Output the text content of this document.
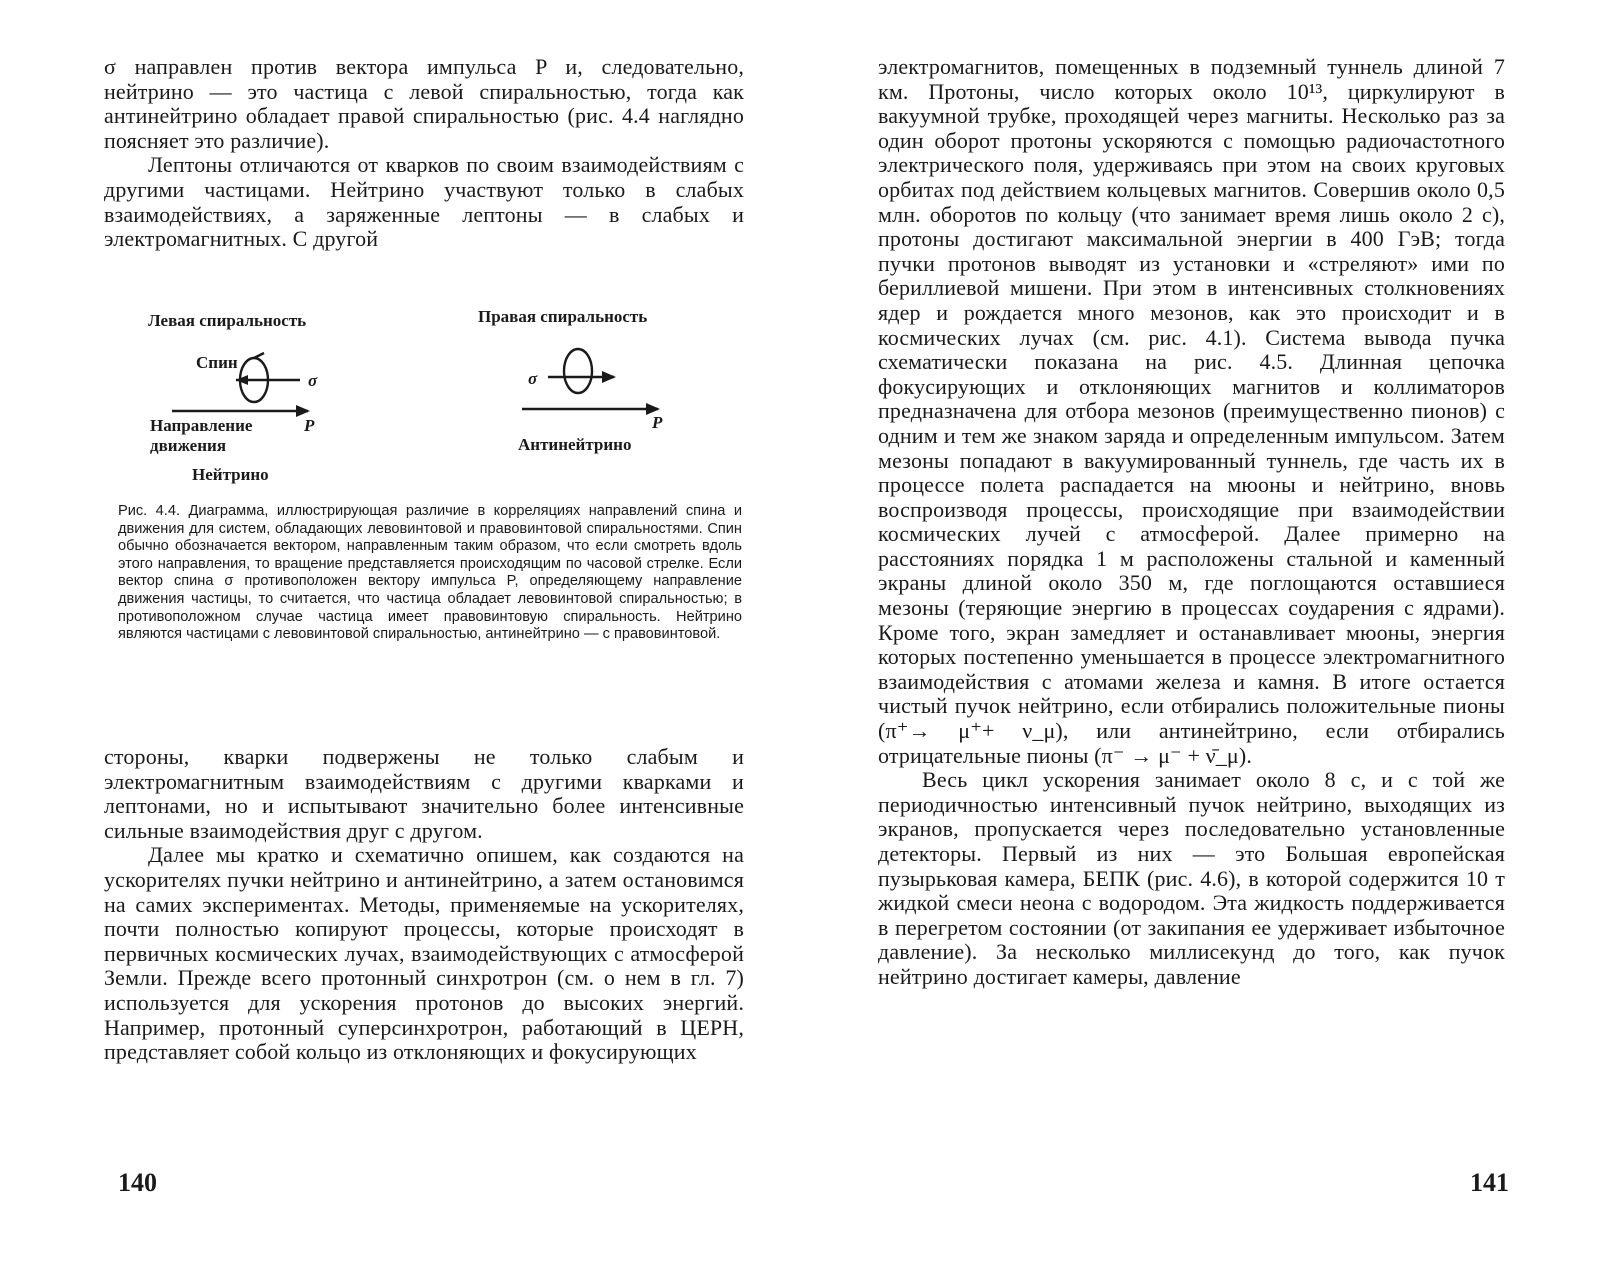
σ направлен против вектора импульса P и, следовательно, нейтрино — это частица с левой спиральностью, тогда как антинейтрино обладает правой спиральностью (рис. 4.4 наглядно поясняет это различие).

Лептоны отличаются от кварков по своим взаимодействиям с другими частицами. Нейтрино участвуют только в слабых взаимодействиях, а заряженные лептоны — в слабых и электромагнитных. С другой

Левая спиральность	Правая спиральность
Спин
σ	σ
Направление
движения
P	P
Нейтрино
Антинейтрино
Рис. 4.4. Диаграмма, иллюстрирующая различие в корреляциях направлений спина и движения для систем, обладающих левовинтовой и правовинтовой спиральностями. Спин обычно обозначается вектором, направленным таким образом, что если смотреть вдоль этого направления, то вращение представляется происходящим по часовой стрелке. Если вектор спина σ противоположен вектору импульса P, определяющему направление движения частицы, то считается, что частица обладает левовинтовой спиральностью; в противоположном случае частица имеет правовинтовую спиральность. Нейтрино являются частицами с левовинтовой спиральностью, антинейтрино — с правовинтовой.

стороны, кварки подвержены не только слабым и электромагнитным взаимодействиям с другими кварками и лептонами, но и испытывают значительно более интенсивные сильные взаимодействия друг с другом.

Далее мы кратко и схематично опишем, как создаются на ускорителях пучки нейтрино и антинейтрино, а затем остановимся на самих экспериментах. Методы, применяемые на ускорителях, почти полностью копируют процессы, которые происходят в первичных космических лучах, взаимодействующих с атмосферой Земли. Прежде всего протонный синхротрон (см. о нем в гл. 7) используется для ускорения протонов до высоких энергий. Например, протонный суперсинхротрон, работающий в ЦЕРН, представляет собой кольцо из отклоняющих и фокусирующих

140

электромагнитов, помещенных в подземный туннель длиной 7 км. Протоны, число которых около 10¹³, циркулируют в вакуумной трубке, проходящей через магниты. Несколько раз за один оборот протоны ускоряются с помощью радиочастотного электрического поля, удерживаясь при этом на своих круговых орбитах под действием кольцевых магнитов. Совершив около 0,5 млн. оборотов по кольцу (что занимает время лишь около 2 с), протоны достигают максимальной энергии в 400 ГэВ; тогда пучки протонов выводят из установки и «стреляют» ими по бериллиевой мишени. При этом в интенсивных столкновениях ядер и рождается много мезонов, как это происходит и в космических лучах (см. рис. 4.1). Система вывода пучка схематически показана на рис. 4.5. Длинная цепочка фокусирующих и отклоняющих магнитов и коллиматоров предназначена для отбора мезонов (преимущественно пионов) с одним и тем же знаком заряда и определенным импульсом. Затем мезоны попадают в вакуумированный туннель, где часть их в процессе полета распадается на мюоны и нейтрино, вновь воспроизводя процессы, происходящие при взаимодействии космических лучей с атмосферой. Далее примерно на расстояниях порядка 1 м расположены стальной и каменный экраны длиной около 350 м, где поглощаются оставшиеся мезоны (теряющие энергию в процессах соударения с ядрами). Кроме того, экран замедляет и останавливает мюоны, энергия которых постепенно уменьшается в процессе электромагнитного взаимодействия с атомами железа и камня. В итоге остается чистый пучок нейтрино, если отбирались положительные пионы (π⁺→ μ⁺+ ν_μ), или антинейтрино, если отбирались отрицательные пионы (π⁻ → μ⁻ + ν̄_μ).

Весь цикл ускорения занимает около 8 с, и с той же периодичностью интенсивный пучок нейтрино, выходящих из экранов, пропускается через последовательно установленные детекторы. Первый из них — это Большая европейская пузырьковая камера, БЕПК (рис. 4.6), в которой содержится 10 т жидкой смеси неона с водородом. Эта жидкость поддерживается в перегретом состоянии (от закипания ее удерживает избыточное давление). За несколько миллисекунд до того, как пучок нейтрино достигает камеры, давление

141
